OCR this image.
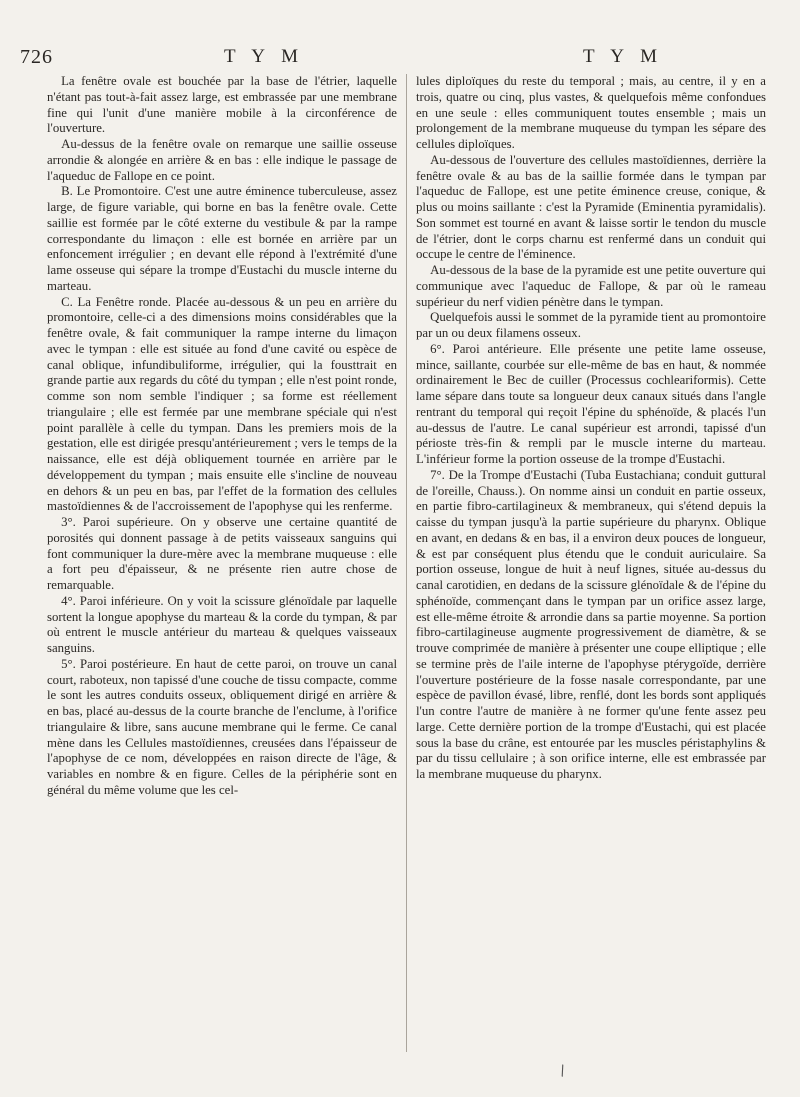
726	T Y M	T Y M

La fenêtre ovale est bouchée par la base de l'étrier, laquelle n'étant pas tout-à-fait assez large, est embrassée par une membrane fine qui l'unit d'une manière mobile à la circonférence de l'ouverture.

Au-dessus de la fenêtre ovale on remarque une saillie osseuse arrondie & alongée en arrière & en bas : elle indique le passage de l'aqueduc de Fallope en ce point.

B. Le Promontoire. C'est une autre éminence tuberculeuse, assez large, de figure variable, qui borne en bas la fenêtre ovale. Cette saillie est formée par le côté externe du vestibule & par la rampe correspondante du limaçon : elle est bornée en arrière par un enfoncement irrégulier ; en devant elle répond à l'extrémité d'une lame osseuse qui sépare la trompe d'Eustachi du muscle interne du marteau.

C. La Fenêtre ronde. Placée au-dessous & un peu en arrière du promontoire, celle-ci a des dimensions moins considérables que la fenêtre ovale, & fait communiquer la rampe interne du limaçon avec le tympan : elle est située au fond d'une cavité ou espèce de canal oblique, infundibuliforme, irrégulier, qui la fousttrait en grande partie aux regards du côté du tympan ; elle n'est point ronde, comme son nom semble l'indiquer ; sa forme est réellement triangulaire ; elle est fermée par une membrane spéciale qui n'est point parallèle à celle du tympan. Dans les premiers mois de la gestation, elle est dirigée presqu'antérieurement ; vers le temps de la naissance, elle est déjà obliquement tournée en arrière par le développement du tympan ; mais ensuite elle s'incline de nouveau en dehors & un peu en bas, par l'effet de la formation des cellules mastoïdiennes & de l'accroissement de l'apophyse qui les renferme.

3°. Paroi supérieure. On y observe une certaine quantité de porosités qui donnent passage à de petits vaisseaux sanguins qui font communiquer la dure-mère avec la membrane muqueuse : elle a fort peu d'épaisseur, & ne présente rien autre chose de remarquable.

4°. Paroi inférieure. On y voit la scissure glénoïdale par laquelle sortent la longue apophyse du marteau & la corde du tympan, & par où entrent le muscle antérieur du marteau & quelques vaisseaux sanguins.

5°. Paroi postérieure. En haut de cette paroi, on trouve un canal court, raboteux, non tapissé d'une couche de tissu compacte, comme le sont les autres conduits osseux, obliquement dirigé en arrière & en bas, placé au-dessus de la courte branche de l'enclume, à l'orifice triangulaire & libre, sans aucune membrane qui le ferme. Ce canal mène dans les Cellules mastoïdiennes, creusées dans l'épaisseur de l'apophyse de ce nom, développées en raison directe de l'âge, & variables en nombre & en figure. Celles de la périphérie sont en général du même volume que les cel-

lules diploïques du reste du temporal ; mais, au centre, il y en a trois, quatre ou cinq, plus vastes, & quelquefois même confondues en une seule : elles communiquent toutes ensemble ; mais un prolongement de la membrane muqueuse du tympan les sépare des cellules diploïques.

Au-dessous de l'ouverture des cellules mastoïdiennes, derrière la fenêtre ovale & au bas de la saillie formée dans le tympan par l'aqueduc de Fallope, est une petite éminence creuse, conique, & plus ou moins saillante : c'est la Pyramide (Eminentia pyramidalis). Son sommet est tourné en avant & laisse sortir le tendon du muscle de l'étrier, dont le corps charnu est renfermé dans un conduit qui occupe le centre de l'éminence.

Au-dessous de la base de la pyramide est une petite ouverture qui communique avec l'aqueduc de Fallope, & par où le rameau supérieur du nerf vidien pénètre dans le tympan.

Quelquefois aussi le sommet de la pyramide tient au promontoire par un ou deux filamens osseux.

6°. Paroi antérieure. Elle présente une petite lame osseuse, mince, saillante, courbée sur elle-même de bas en haut, & nommée ordinairement le Bec de cuiller (Processus cochleariformis). Cette lame sépare dans toute sa longueur deux canaux situés dans l'angle rentrant du temporal qui reçoit l'épine du sphénoïde, & placés l'un au-dessus de l'autre. Le canal supérieur est arrondi, tapissé d'un périoste très-fin & rempli par le muscle interne du marteau. L'inférieur forme la portion osseuse de la trompe d'Eustachi.

7°. De la Trompe d'Eustachi (Tuba Eustachiana; conduit guttural de l'oreille, Chauss.). On nomme ainsi un conduit en partie osseux, en partie fibro-cartilagineux & membraneux, qui s'étend depuis la caisse du tympan jusqu'à la partie supérieure du pharynx. Oblique en avant, en dedans & en bas, il a environ deux pouces de longueur, & est par conséquent plus étendu que le conduit auriculaire. Sa portion osseuse, longue de huit à neuf lignes, située au-dessus du canal carotidien, en dedans de la scissure glénoïdale & de l'épine du sphénoïde, commençant dans le tympan par un orifice assez large, est elle-même étroite & arrondie dans sa partie moyenne. Sa portion fibro-cartilagineuse augmente progressivement de diamètre, & se trouve comprimée de manière à présenter une coupe elliptique ; elle se termine près de l'aile interne de l'apophyse ptérygoïde, derrière l'ouverture postérieure de la fosse nasale correspondante, par une espèce de pavillon évasé, libre, renflé, dont les bords sont appliqués l'un contre l'autre de manière à ne former qu'une fente assez peu large. Cette dernière portion de la trompe d'Eustachi, qui est placée sous la base du crâne, est entourée par les muscles péristaphylins & par du tissu cellulaire ; à son orifice interne, elle est embrassée par la membrane muqueuse du pharynx.

\
